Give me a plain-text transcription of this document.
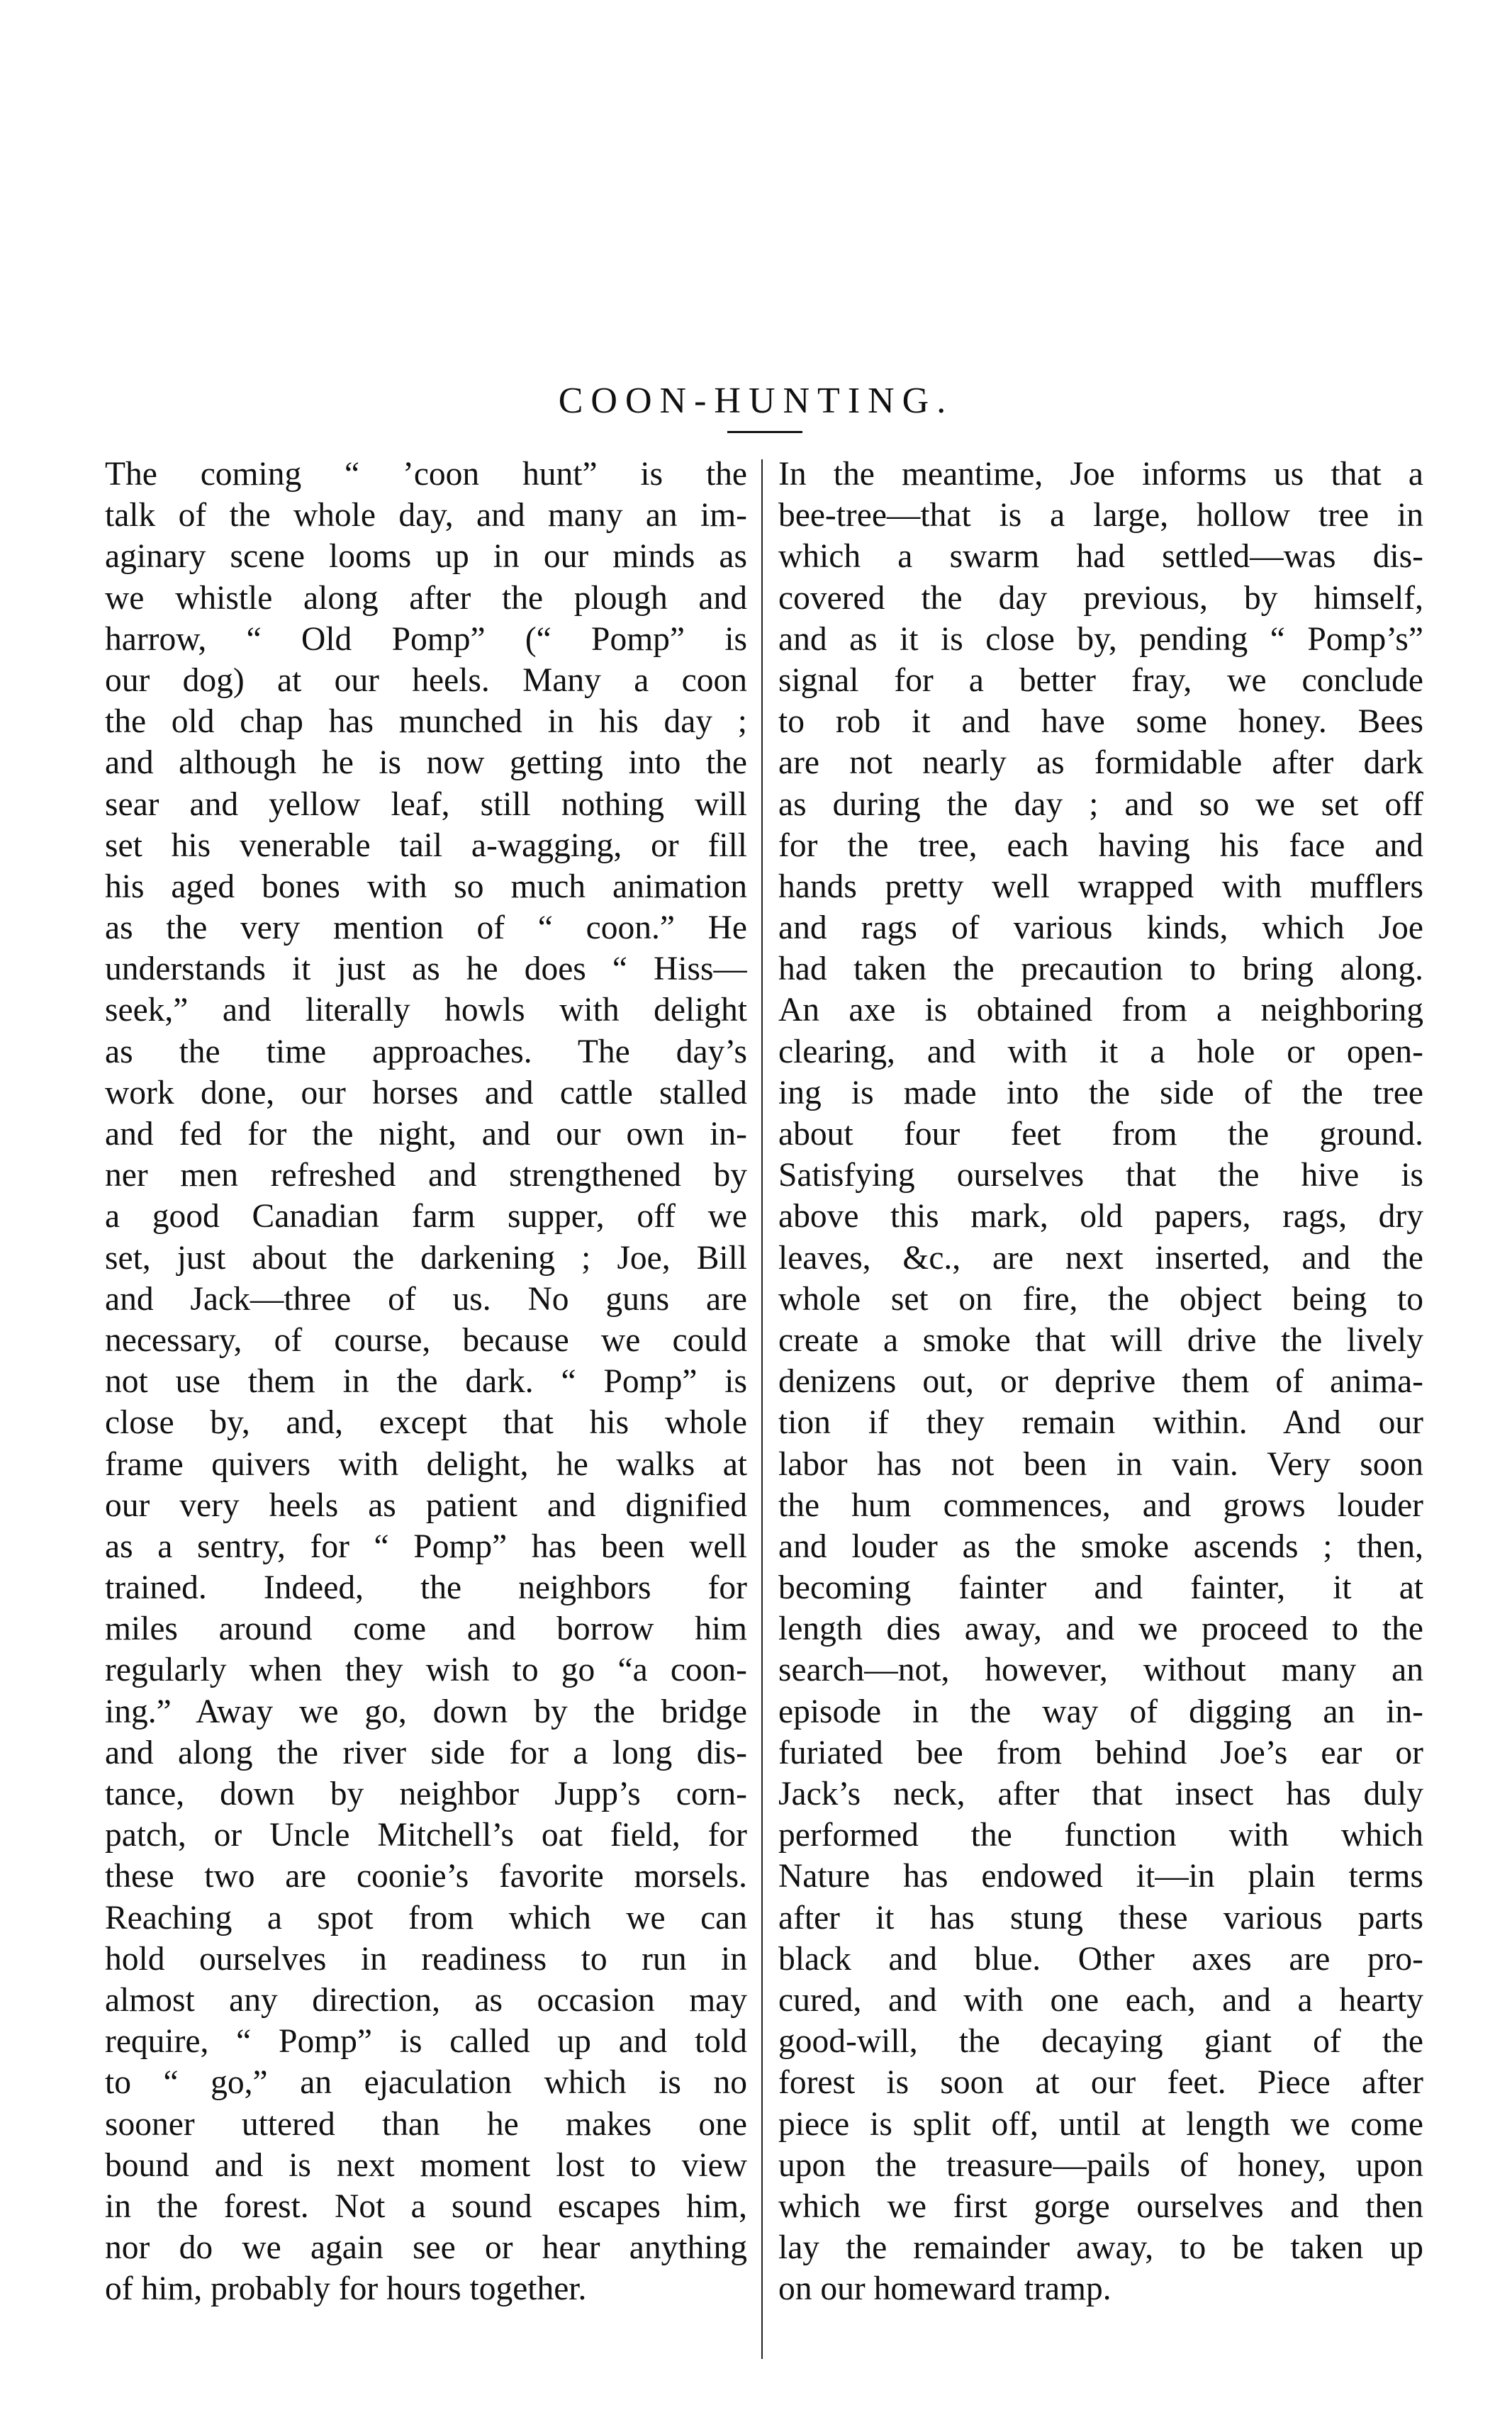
COON-HUNTING.
The coming “ ’coon hunt” is the
talk of the whole day, and many an im-
aginary scene looms up in our minds as
we whistle along after the plough and
harrow, “ Old Pomp” (“ Pomp” is
our dog) at our heels. Many a coon
the old chap has munched in his day ;
and although he is now getting into the
sear and yellow leaf, still nothing will
set his venerable tail a-wagging, or fill
his aged bones with so much animation
as the very mention of “ coon.” He
understands it just as he does “ Hiss—
seek,” and literally howls with delight
as the time approaches. The day’s
work done, our horses and cattle stalled
and fed for the night, and our own in-
ner men refreshed and strengthened by
a good Canadian farm supper, off we
set, just about the darkening ; Joe, Bill
and Jack—three of us. No guns are
necessary, of course, because we could
not use them in the dark. “ Pomp” is
close by, and, except that his whole
frame quivers with delight, he walks at
our very heels as patient and dignified
as a sentry, for “ Pomp” has been well
trained. Indeed, the neighbors for
miles around come and borrow him
regularly when they wish to go “a coon-
ing.” Away we go, down by the bridge
and along the river side for a long dis-
tance, down by neighbor Jupp’s corn-
patch, or Uncle Mitchell’s oat field, for
these two are coonie’s favorite morsels.
Reaching a spot from which we can
hold ourselves in readiness to run in
almost any direction, as occasion may
require, “ Pomp” is called up and told
to “ go,” an ejaculation which is no
sooner uttered than he makes one
bound and is next moment lost to view
in the forest. Not a sound escapes him,
nor do we again see or hear anything
of him, probably for hours together.
In the meantime, Joe informs us that a
bee-tree—that is a large, hollow tree in
which a swarm had settled—was dis-
covered the day previous, by himself,
and as it is close by, pending “ Pomp’s”
signal for a better fray, we conclude
to rob it and have some honey. Bees
are not nearly as formidable after dark
as during the day ; and so we set off
for the tree, each having his face and
hands pretty well wrapped with mufflers
and rags of various kinds, which Joe
had taken the precaution to bring along.
An axe is obtained from a neighboring
clearing, and with it a hole or open-
ing is made into the side of the tree
about four feet from the ground.
Satisfying ourselves that the hive is
above this mark, old papers, rags, dry
leaves, &c., are next inserted, and the
whole set on fire, the object being to
create a smoke that will drive the lively
denizens out, or deprive them of anima-
tion if they remain within. And our
labor has not been in vain. Very soon
the hum commences, and grows louder
and louder as the smoke ascends ; then,
becoming fainter and fainter, it at
length dies away, and we proceed to the
search—not, however, without many an
episode in the way of digging an in-
furiated bee from behind Joe’s ear or
Jack’s neck, after that insect has duly
performed the function with which
Nature has endowed it—in plain terms
after it has stung these various parts
black and blue. Other axes are pro-
cured, and with one each, and a hearty
good-will, the decaying giant of the
forest is soon at our feet. Piece after
piece is split off, until at length we come
upon the treasure—pails of honey, upon
which we first gorge ourselves and then
lay the remainder away, to be taken up
on our homeward tramp.
